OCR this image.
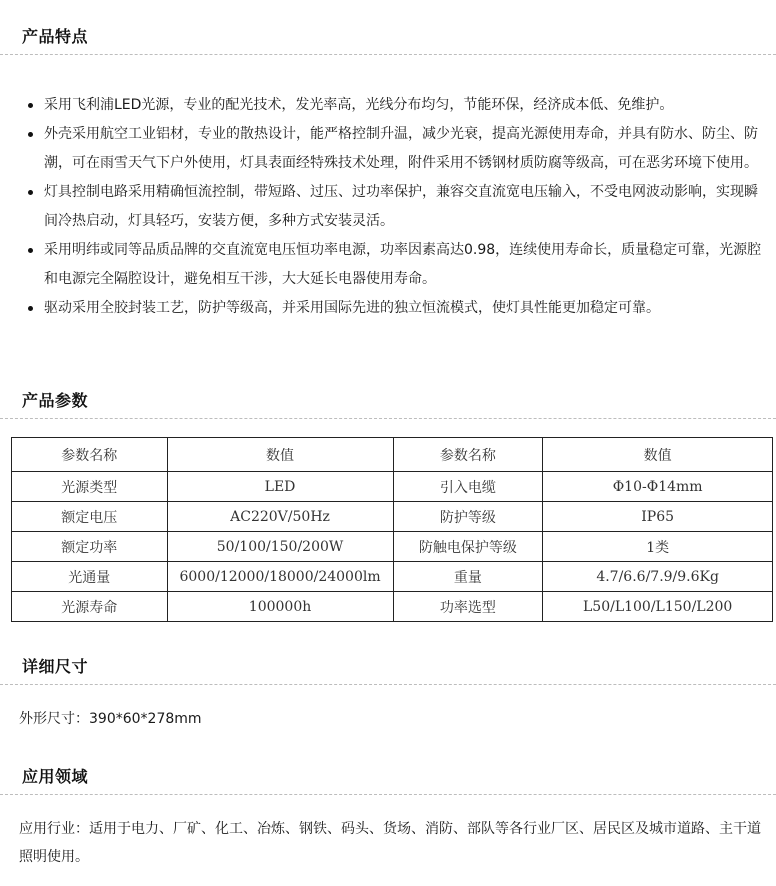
产品特点
采用飞利浦LED光源，专业的配光技术，发光率高，光线分布均匀，节能环保，经济成本低、免维护。
外壳采用航空工业铝材，专业的散热设计，能严格控制升温，减少光衰，提高光源使用寿命，并具有防水、防尘、防潮，可在雨雪天气下户外使用，灯具表面经特殊技术处理，附件采用不锈钢材质防腐等级高，可在恶劣环境下使用。
灯具控制电路采用精确恒流控制，带短路、过压、过功率保护，兼容交直流宽电压输入，不受电网波动影响，实现瞬间冷热启动，灯具轻巧，安装方便，多种方式安装灵活。
采用明纬或同等品质品牌的交直流宽电压恒功率电源，功率因素高达0.98，连续使用寿命长，质量稳定可靠，光源腔和电源完全隔腔设计，避免相互干涉，大大延长电器使用寿命。
驱动采用全胶封装工艺，防护等级高，并采用国际先进的独立恒流模式，使灯具性能更加稳定可靠。
产品参数
参数名称	数值	参数名称	数值
光源类型	LED	引入电缆	Φ10-Φ14mm
额定电压	AC220V/50Hz	防护等级	IP65
额定功率	50/100/150/200W	防触电保护等级	1类
光通量	6000/12000/18000/24000lm	重量	4.7/6.6/7.9/9.6Kg
光源寿命	100000h	功率选型	L50/L100/L150/L200
详细尺寸
外形尺寸：390*60*278mm
应用领域
应用行业：适用于电力、厂矿、化工、冶炼、钢铁、码头、货场、消防、部队等各行业厂区、居民区及城市道路、主干道照明使用。
